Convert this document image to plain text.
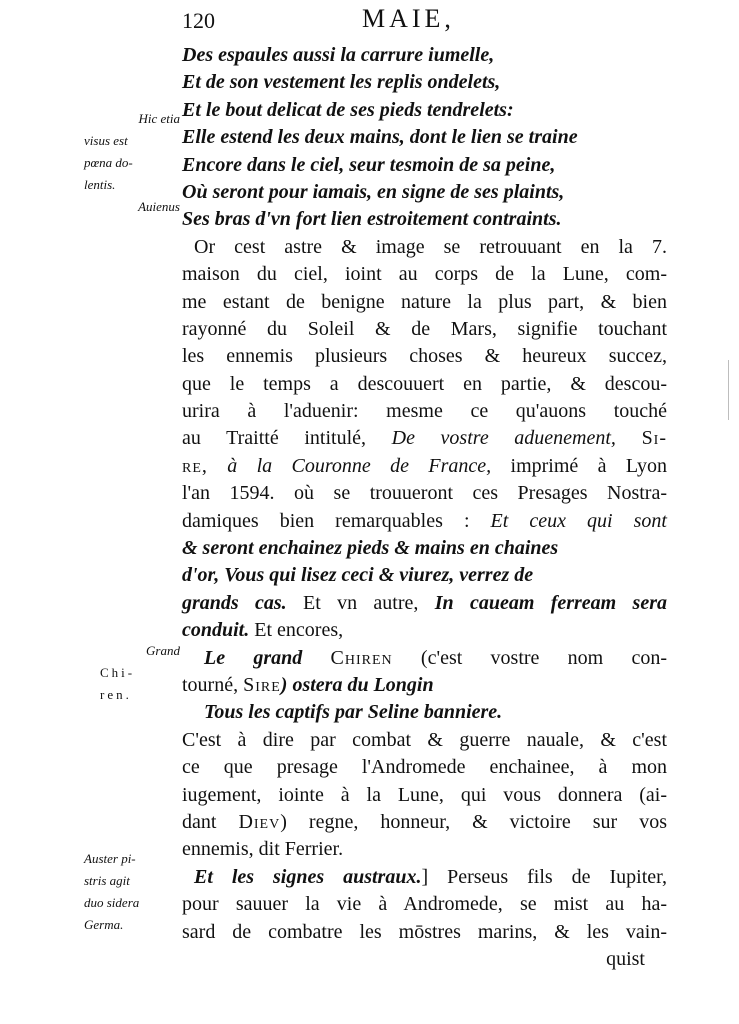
120	MAIE,
Hic etia
visus est
pœna do-
lentis.
Auienus
Grand
Chi-
ren.
Auster pi-
stris agit
duo sidera
Germa.
Des espaules aussi la carrure iumelle,
Et de son vestement les replis ondelets,
Et le bout delicat de ses pieds tendrelets:
Elle estend les deux mains, dont le lien se traine
Encore dans le ciel, seur tesmoin de sa peine,
Où seront pour iamais, en signe de ses plaints,
Ses bras d'vn fort lien estroitement contraints.
Or cest astre & image se retrouuant en la 7.
maison du ciel, ioint au corps de la Lune, com-
me estant de benigne nature la plus part, & bien
rayonné du Soleil & de Mars, signifie touchant
les ennemis plusieurs choses & heureux succez,
que le temps a descouuert en partie, & descou-
urira à l'aduenir: mesme ce qu'auons touché
au Traitté intitulé, De vostre aduenement, Si-
re, à la Couronne de France, imprimé à Lyon
l'an 1594. où se trouueront ces Presages Nostra-
damiques bien remarquables : Et ceux qui sont
& seront enchainez pieds & mains en chaines
d'or, Vous qui lisez ceci & viurez, verrez de
grands cas. Et vn autre, In caueam ferream sera
conduit. Et encores,
Le grand Chiren (c'est vostre nom con-
tourné, Sire) ostera du Longin
Tous les captifs par Seline banniere.
C'est à dire par combat & guerre nauale, & c'est
ce que presage l'Andromede enchainee, à mon
iugement, iointe à la Lune, qui vous donnera (ai-
dant Diev) regne, honneur, & victoire sur vos
ennemis, dit Ferrier.
Et les signes austraux.] Perseus fils de Iupiter,
pour sauuer la vie à Andromede, se mist au ha-
sard de combatre les mōstres marins, & les vain-
quist
